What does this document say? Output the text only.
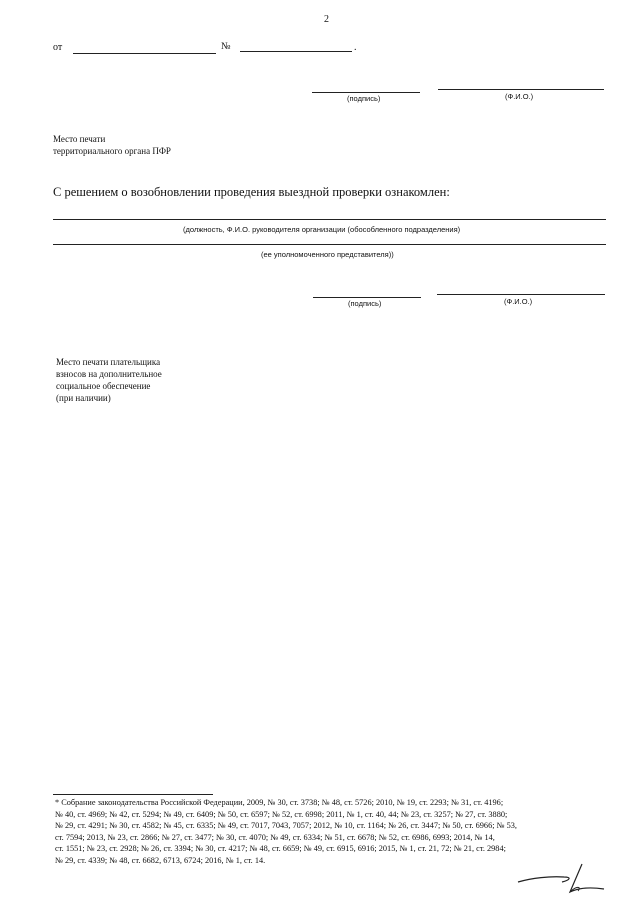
2
от	№	.
(подпись)	(Ф.И.О.)
Место печати
территориального органа ПФР
С решением о возобновлении проведения выездной проверки ознакомлен:
(должность, Ф.И.О. руководителя организации (обособленного подразделения)
(ее уполномоченного представителя))
(подпись)	(Ф.И.О.)
Место печати плательщика
взносов на дополнительное
социальное обеспечение
(при наличии)
* Собрание законодательства Российской Федерации, 2009, № 30, ст. 3738; № 48, ст. 5726; 2010, № 19, ст. 2293; № 31, ст. 4196;
№ 40, ст. 4969; № 42, ст. 5294; № 49, ст. 6409; № 50, ст. 6597; № 52, ст. 6998; 2011, № 1, ст. 40, 44; № 23, ст. 3257; № 27, ст. 3880;
№ 29, ст. 4291; № 30, ст. 4582; № 45, ст. 6335; № 49, ст. 7017, 7043, 7057; 2012, № 10, ст. 1164; № 26, ст. 3447; № 50, ст. 6966; № 53,
ст. 7594; 2013, № 23, ст. 2866; № 27, ст. 3477; № 30, ст. 4070; № 49, ст. 6334; № 51, ст. 6678; № 52, ст. 6986, 6993; 2014, № 14,
ст. 1551; № 23, ст. 2928; № 26, ст. 3394; № 30, ст. 4217; № 48, ст. 6659; № 49, ст. 6915, 6916; 2015, № 1, ст. 21, 72; № 21, ст. 2984;
№ 29, ст. 4339; № 48, ст. 6682, 6713, 6724; 2016, № 1, ст. 14.
